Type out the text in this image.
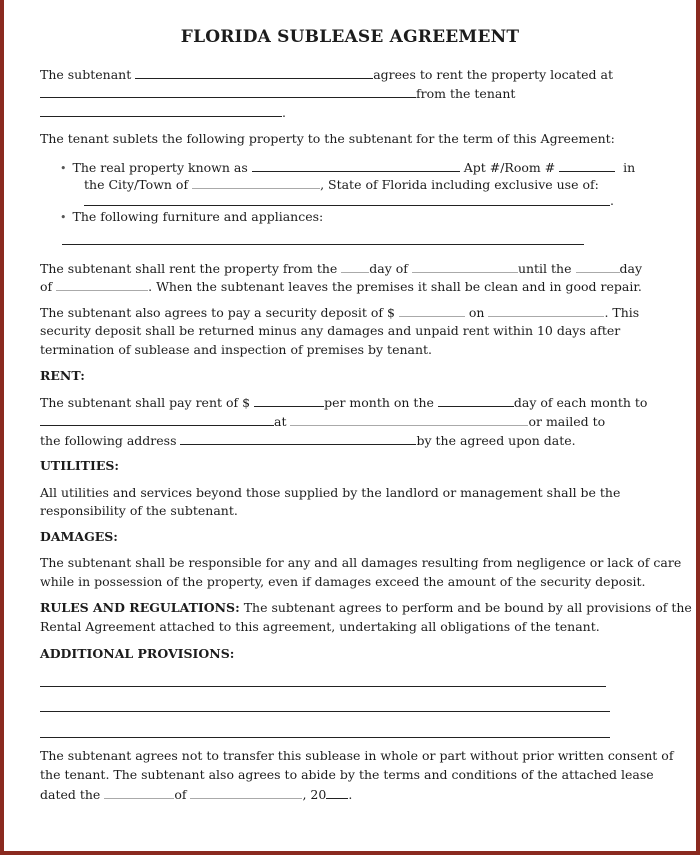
FLORIDA SUBLEASE AGREEMENT
The subtenant	agrees to rent the property located at
from the tenant
.
The tenant sublets the following property to the subtenant for the term of this Agreement:
• The real property known as	Apt #/Room #	in
the City/Town of	, State of Florida including exclusive use of:
.
• The following furniture and appliances:
The subtenant shall rent the property from the	day of	until the	day
of	. When the subtenant leaves the premises it shall be clean and in good repair.
The subtenant also agrees to pay a security deposit of $	on	. This
security deposit shall be returned minus any damages and unpaid rent within 10 days after
termination of sublease and inspection of premises by tenant.
RENT:
The subtenant shall pay rent of $	per month on the	day of each month to
at	or mailed to
the following address	by the agreed upon date.
UTILITIES:
All utilities and services beyond those supplied by the landlord or management shall be the
responsibility of the subtenant.
DAMAGES:
The subtenant shall be responsible for any and all damages resulting from negligence or lack of care
while in possession of the property, even if damages exceed the amount of the security deposit.
RULES AND REGULATIONS: The subtenant agrees to perform and be bound by all provisions of the
Rental Agreement attached to this agreement, undertaking all obligations of the tenant.
ADDITIONAL PROVISIONS:
The subtenant agrees not to transfer this sublease in whole or part without prior written consent of
the tenant. The subtenant also agrees to abide by the terms and conditions of the attached lease
dated the	of	, 20 .
